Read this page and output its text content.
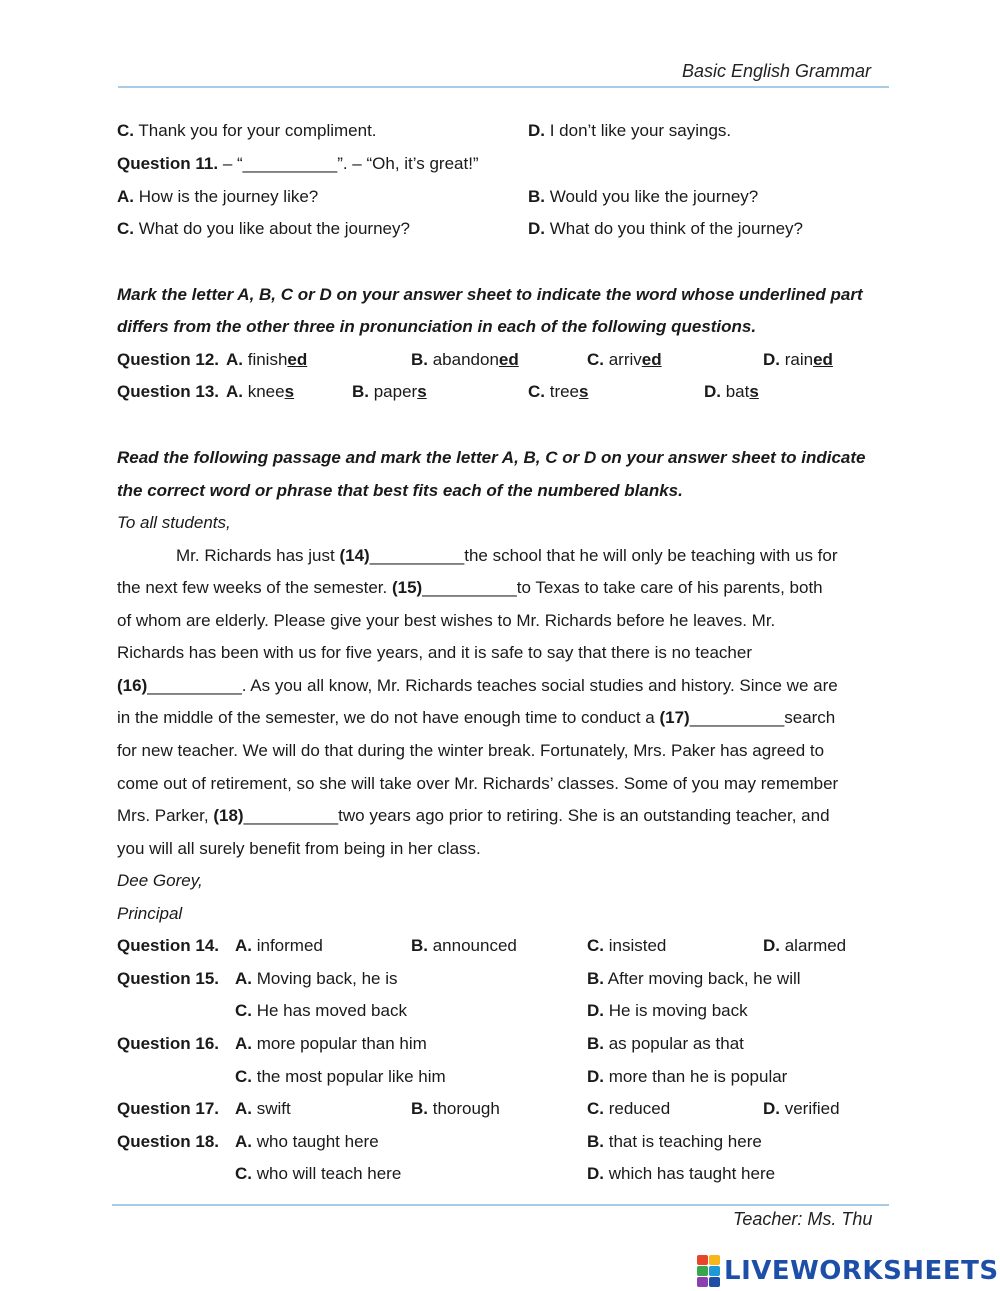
Basic English Grammar
C. Thank you for your compliment.	D. I don’t like your sayings.
Question 11. – “__________”. – “Oh, it’s great!”
A. How is the journey like?	B. Would you like the journey?
C. What do you like about the journey?	D. What do you think of the journey?
Mark the letter A, B, C or D on your answer sheet to indicate the word whose underlined part
differs from the other three in pronunciation in each of the following questions.
Question 12. A. finished	B. abandoned	C. arrived	D. rained
Question 13. A. knees	B. papers	C. trees	D. bats
Read the following passage and mark the letter A, B, C or D on your answer sheet to indicate
the correct word or phrase that best fits each of the numbered blanks.
To all students,
Mr. Richards has just (14)__________the school that he will only be teaching with us for
the next few weeks of the semester. (15)__________to Texas to take care of his parents, both
of whom are elderly. Please give your best wishes to Mr. Richards before he leaves. Mr.
Richards has been with us for five years, and it is safe to say that there is no teacher
(16)__________. As you all know, Mr. Richards teaches social studies and history. Since we are
in the middle of the semester, we do not have enough time to conduct a (17)__________search
for new teacher. We will do that during the winter break. Fortunately, Mrs. Paker has agreed to
come out of retirement, so she will take over Mr. Richards’ classes. Some of you may remember
Mrs. Parker, (18)__________two years ago prior to retiring. She is an outstanding teacher, and
you will all surely benefit from being in her class.
Dee Gorey,
Principal
Question 14. A. informed	B. announced	C. insisted	D. alarmed
Question 15. A. Moving back, he is	B. After moving back, he will
C. He has moved back	D. He is moving back
Question 16. A. more popular than him	B. as popular as that
C. the most popular like him	D. more than he is popular
Question 17. A. swift	B. thorough	C. reduced	D. verified
Question 18. A. who taught here	B. that is teaching here
C. who will teach here	D. which has taught here
Teacher: Ms. Thu
LIVEWORKSHEETS
